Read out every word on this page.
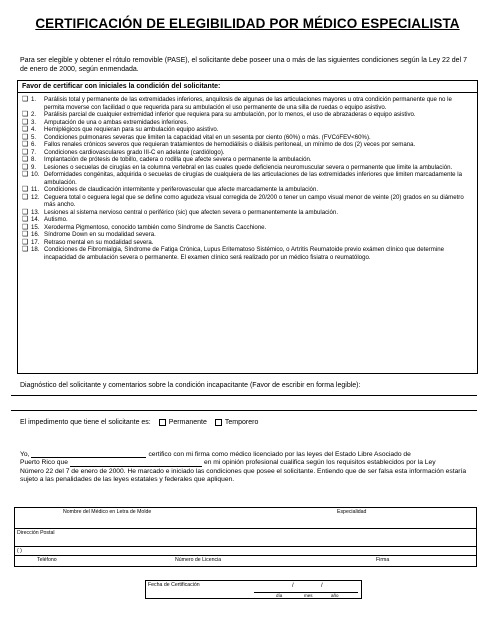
CERTIFICACIÓN DE ELEGIBILIDAD POR MÉDICO ESPECIALISTA
Para ser elegible y obtener el rótulo removible (PASE), el solicitante debe poseer una o más de las siguientes condiciones según la Ley 22 del 7 de enero de 2000, según enmendada.
Favor de certificar con iniciales la condición del solicitante:
❑ 1.	Parálisis total y permanente de las extremidades inferiores, anquilosis de algunas de las articulaciones mayores u otra condición permanente que no le permita moverse con facilidad o que requerida para su ambulación el uso permanente de una silla de ruedas o equipo asistivo.
❑ 2.	Parálisis parcial de cualquier extremidad inferior que requiera para su ambulación, por lo menos, el uso de abrazaderas o equipo asistivo.
❑ 3.	Amputación de una o ambas extremidades inferiores.
❑ 4.	Hemiplégicos que requieran para su ambulación equipo asistivo.
❑ 5.	Condiciones pulmonares severas que limiten la capacidad vital en un sesenta por ciento (60%) o más. (FVCóFEV<60%).
❑ 6.	Fallos renales crónicos severos que requieran tratamientos de hemodiálisis o diálisis peritoneal, un mínimo de dos (2) veces por semana.
❑ 7.	Condiciones cardiovasculares grado III-C en adelante (cardiólogo).
❑ 8.	Implantación de prótesis de tobillo, cadera o rodilla que afecte severa o permanente la ambulación.
❑ 9.	Lesiones o secuelas de cirugías en la columna vertebral en las cuales quede deficiencia neuromuscular severa o permanente que limite la ambulación.
❑ 10. Deformidades congénitas, adquirida o secuelas de cirugías de cualquiera de las articulaciones de las extremidades inferiores que limiten marcadamente la ambulación.
❑ 11. Condiciones de claudicación intermitente y periferovascular que afecte marcadamente la ambulación.
❑ 12. Ceguera total o ceguera legal que se define como agudeza visual corregida de 20/200 o tener un campo visual menor de veinte (20) grados en su diámetro más ancho.
❑ 13. Lesiones al sistema nervioso central o periférico (sic) que afecten severa o permanentemente la ambulación.
❑ 14. Autismo.
❑ 15. Xeroderma Pigmentoso, conocido también como Síndrome de Sanctis Cacchione.
❑ 16. Síndrome Down en su modalidad severa.
❑ 17. Retraso mental en su modalidad severa.
❑ 18. Condiciones de Fibromialgia, Síndrome de Fatiga Crónica, Lupus Eritematoso Sistémico, o Artritis Reumatoide previo exámen clínico que determine incapacidad de ambulación severa o permanente. El examen clínico será realizado por un médico fisiatra o reumatólogo.
Diagnóstico del solicitante y comentarios sobre la condición incapacitante (Favor de escribir en forma legible):
El impedimento que tiene el solicitante es:	Permanente	Temporero
Yo,	certifico con mi firma como médico licenciado por las leyes del Estado Libre Asociado de
Puerto Rico que	en mi opinión profesional cualifica según los requisitos establecidos por la Ley
Número 22 del 7 de enero de 2000. He marcado e iniciado las condiciones que posee el solicitante. Entiendo que de ser falsa esta información estaría sujeto a las penalidades de las leyes estatales y federales que apliquen.
Nombre del Médico en Letra de Molde	Especialidad
Dirección Postal
( )
Teléfono	Número de Licencia	Firma
Fecha de Certificación	/	/
día	mes	año
